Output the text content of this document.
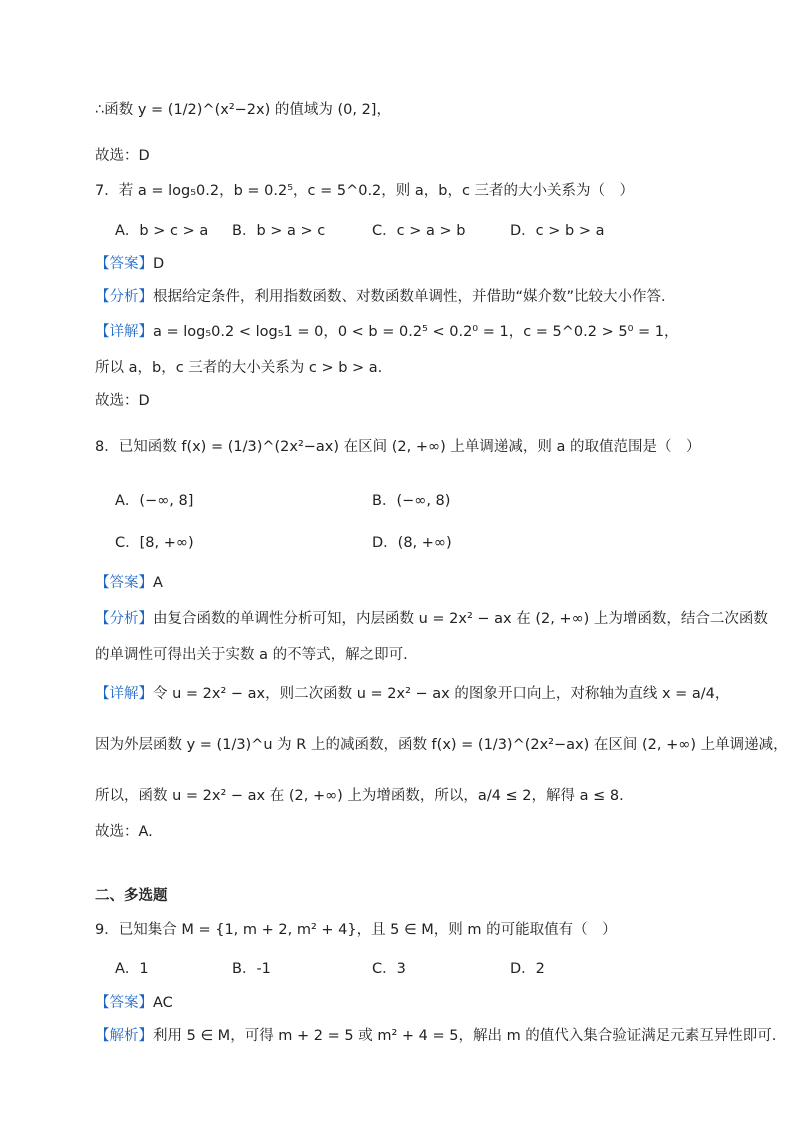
∴函数 y = (1/2)^(x²−2x) 的值域为 (0, 2]，
故选：D
7．若 a = log₅0.2，b = 0.2⁵，c = 5^0.2，则 a，b，c 三者的大小关系为（　）
A．b > c > a B．b > a > c	C．c > a > b	D．c > b > a
【答案】D
【分析】根据给定条件，利用指数函数、对数函数单调性，并借助“媒介数”比较大小作答.
【详解】a = log₅0.2 < log₅1 = 0，0 < b = 0.2⁵ < 0.2⁰ = 1，c = 5^0.2 > 5⁰ = 1，
所以 a，b，c 三者的大小关系为 c > b > a.
故选：D
8．已知函数 f(x) = (1/3)^(2x²−ax) 在区间 (2, +∞) 上单调递减，则 a 的取值范围是（　）
A．(−∞, 8]	B．(−∞, 8)
C．[8, +∞)	D．(8, +∞)
【答案】A
【分析】由复合函数的单调性分析可知，内层函数 u = 2x² − ax 在 (2, +∞) 上为增函数，结合二次函数
的单调性可得出关于实数 a 的不等式，解之即可.
【详解】令 u = 2x² − ax，则二次函数 u = 2x² − ax 的图象开口向上，对称轴为直线 x = a/4，
因为外层函数 y = (1/3)^u 为 R 上的减函数，函数 f(x) = (1/3)^(2x²−ax) 在区间 (2, +∞) 上单调递减，
所以，函数 u = 2x² − ax 在 (2, +∞) 上为增函数，所以，a/4 ≤ 2，解得 a ≤ 8.
故选：A.
二、多选题
9．已知集合 M = {1, m + 2, m² + 4}，且 5 ∈ M，则 m 的可能取值有（　）
A．1	B．-1	C．3	D．2
【答案】AC
【解析】利用 5 ∈ M，可得 m + 2 = 5 或 m² + 4 = 5，解出 m 的值代入集合验证满足元素互异性即可.
